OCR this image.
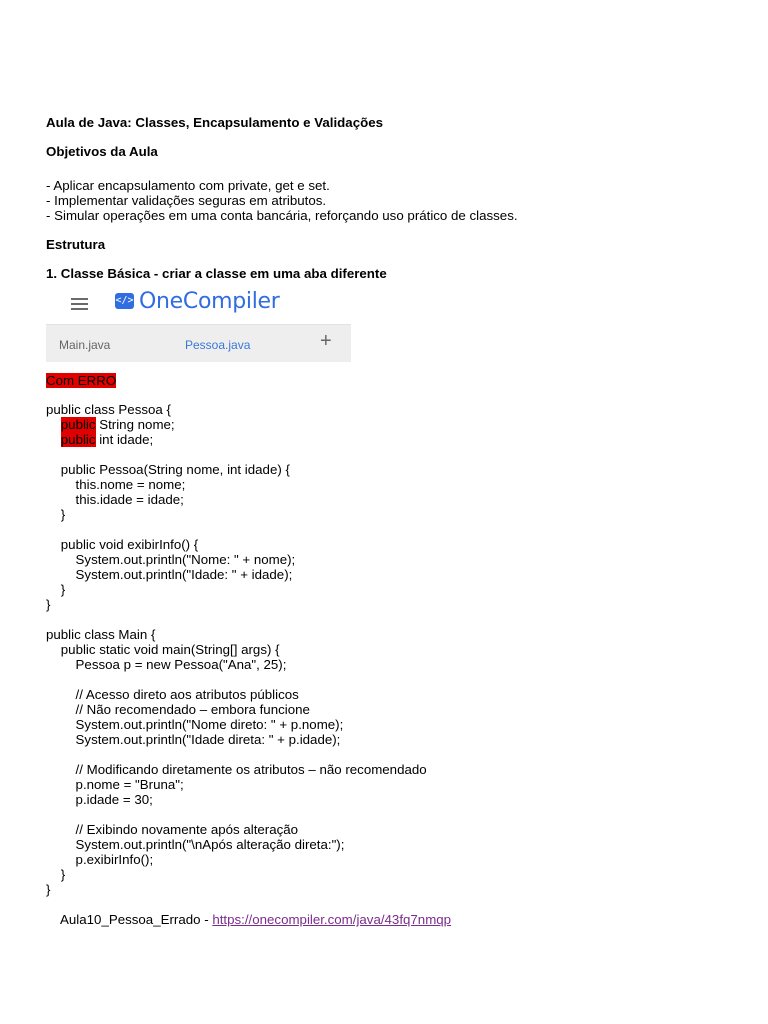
Aula de Java: Classes, Encapsulamento e Validações
Objetivos da Aula
- Aplicar encapsulamento com private, get e set.
- Implementar validações seguras em atributos.
- Simular operações em uma conta bancária, reforçando uso prático de classes.
Estrutura
1. Classe Básica - criar a classe em uma aba diferente
</> OneCompiler
Main.java	Pessoa.java	+
Com ERRO
public class Pessoa {
public String nome;
public int idade;
public Pessoa(String nome, int idade) {
this.nome = nome;
this.idade = idade;
}
public void exibirInfo() {
System.out.println("Nome: " + nome);
System.out.println("Idade: " + idade);
}
}
public class Main {
public static void main(String[] args) {
Pessoa p = new Pessoa("Ana", 25);
// Acesso direto aos atributos públicos
// Não recomendado – embora funcione
System.out.println("Nome direto: " + p.nome);
System.out.println("Idade direta: " + p.idade);
// Modificando diretamente os atributos – não recomendado
p.nome = "Bruna";
p.idade = 30;
// Exibindo novamente após alteração
System.out.println("\nApós alteração direta:");
p.exibirInfo();
}
}

Aula10_Pessoa_Errado - https://onecompiler.com/java/43fq7nmqp
